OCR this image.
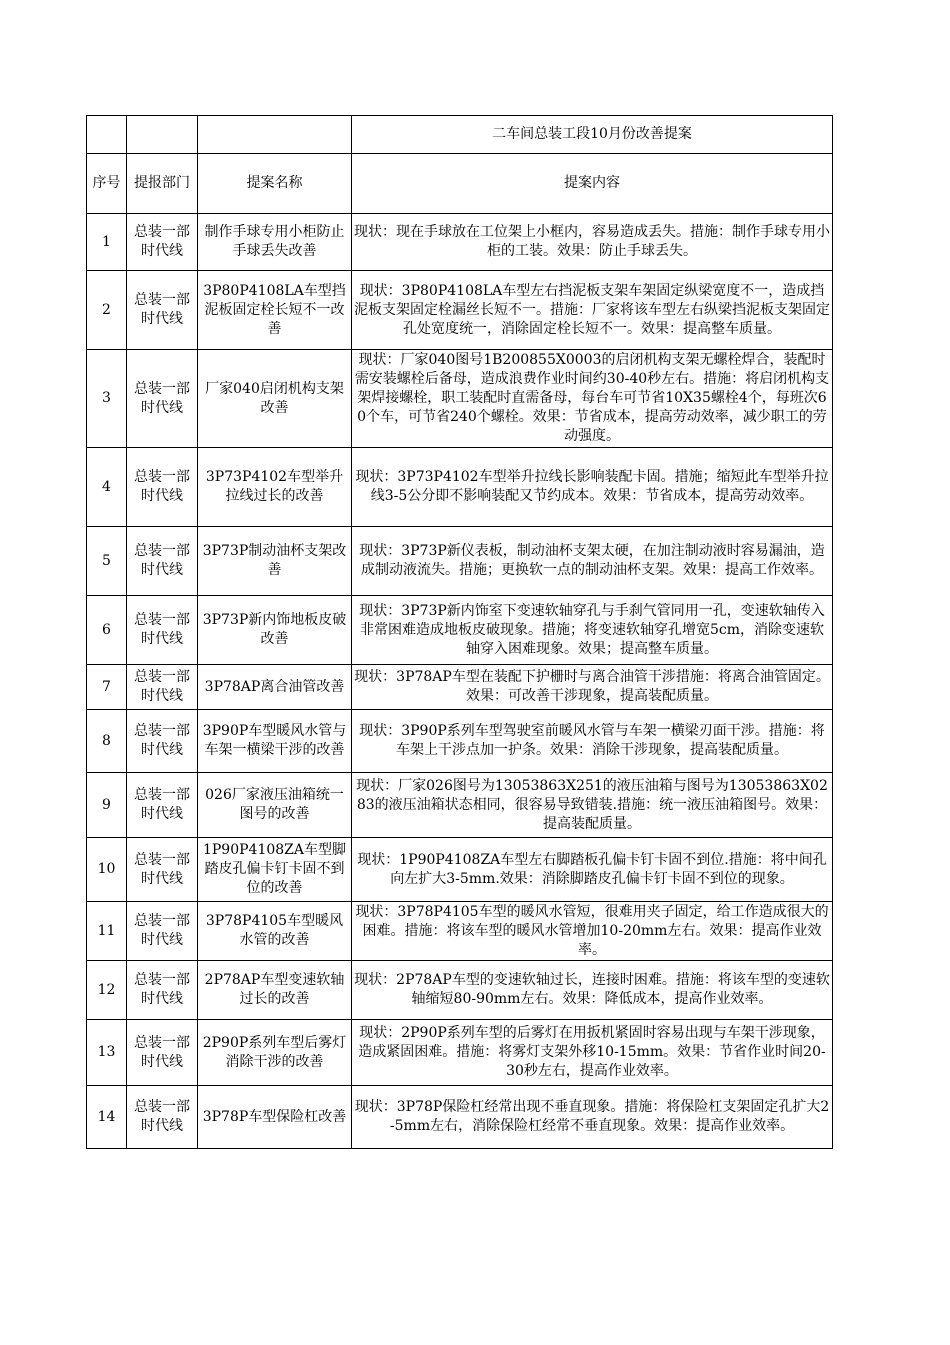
			二车间总装工段10月份改善提案
序号	提报部门	提案名称	提案内容
1	总装一部时代线	制作手球专用小柜防止手球丢失改善	现状：现在手球放在工位架上小框内，容易造成丢失。措施：制作手球专用小柜的工装。效果：防止手球丢失。
2	总装一部时代线	3P80P4108LA车型挡泥板固定栓长短不一改善	现状：3P80P4108LA车型左右挡泥板支架车架固定纵梁宽度不一，造成挡泥板支架固定栓漏丝长短不一。措施：厂家将该车型左右纵梁挡泥板支架固定孔处宽度统一，消除固定栓长短不一。效果：提高整车质量。
3	总装一部时代线	厂家040启闭机构支架改善	现状：厂家040图号1B200855X0003的启闭机构支架无螺栓焊合，装配时需安装螺栓后备母，造成浪费作业时间约30-40秒左右。措施：将启闭机构支架焊接螺栓，职工装配时直需备母，每台车可节省10X35螺栓4个，每班次60个车，可节省240个螺栓。效果：节省成本，提高劳动效率，减少职工的劳动强度。
4	总装一部时代线	3P73P4102车型举升拉线过长的改善	现状：3P73P4102车型举升拉线长影响装配卡固。措施；缩短此车型举升拉线3-5公分即不影响装配又节约成本。效果：节省成本，提高劳动效率。
5	总装一部时代线	3P73P制动油杯支架改善	现状：3P73P新仪表板，制动油杯支架太硬，在加注制动液时容易漏油，造成制动液流失。措施；更换软一点的制动油杯支架。效果：提高工作效率。
6	总装一部时代线	3P73P新内饰地板皮破改善	现状：3P73P新内饰室下变速软轴穿孔与手刹气管同用一孔，变速软轴传入非常困难造成地板皮破现象。措施；将变速软轴穿孔增宽5cm，消除变速软轴穿入困难现象。效果；提高整车质量。
7	总装一部时代线	3P78AP离合油管改善	现状：3P78AP车型在装配下护栅时与离合油管干涉措施：将离合油管固定。效果：可改善干涉现象，提高装配质量。
8	总装一部时代线	3P90P车型暖风水管与车架一横梁干涉的改善	现状：3P90P系列车型驾驶室前暖风水管与车架一横梁刃面干涉。措施：将车架上干涉点加一护条。效果：消除干涉现象，提高装配质量。
9	总装一部时代线	026厂家液压油箱统一图号的改善	现状：厂家026图号为13053863X251的液压油箱与图号为13053863X0283的液压油箱状态相同，很容易导致错装.措施：统一液压油箱图号。效果：提高装配质量。
10	总装一部时代线	1P90P4108ZA车型脚踏皮孔偏卡钉卡固不到位的改善	现状：1P90P4108ZA车型左右脚踏板孔偏卡钉卡固不到位.措施：将中间孔向左扩大3-5mm.效果：消除脚踏皮孔偏卡钉卡固不到位的现象。
11	总装一部时代线	3P78P4105车型暖风水管的改善	现状：3P78P4105车型的暖风水管短，很难用夹子固定，给工作造成很大的困难。措施：将该车型的暖风水管增加10-20mm左右。效果：提高作业效率。
12	总装一部时代线	2P78AP车型变速软轴过长的改善	现状：2P78AP车型的变速软轴过长，连接时困难。措施：将该车型的变速软轴缩短80-90mm左右。效果：降低成本，提高作业效率。
13	总装一部时代线	2P90P系列车型后雾灯消除干涉的改善	现状：2P90P系列车型的后雾灯在用扳机紧固时容易出现与车架干涉现象，造成紧固困难。措施：将雾灯支架外移10-15mm。效果：节省作业时间20-30秒左右，提高作业效率。
14	总装一部时代线	3P78P车型保险杠改善	现状：3P78P保险杠经常出现不垂直现象。措施：将保险杠支架固定孔扩大2-5mm左右，消除保险杠经常不垂直现象。效果：提高作业效率。
